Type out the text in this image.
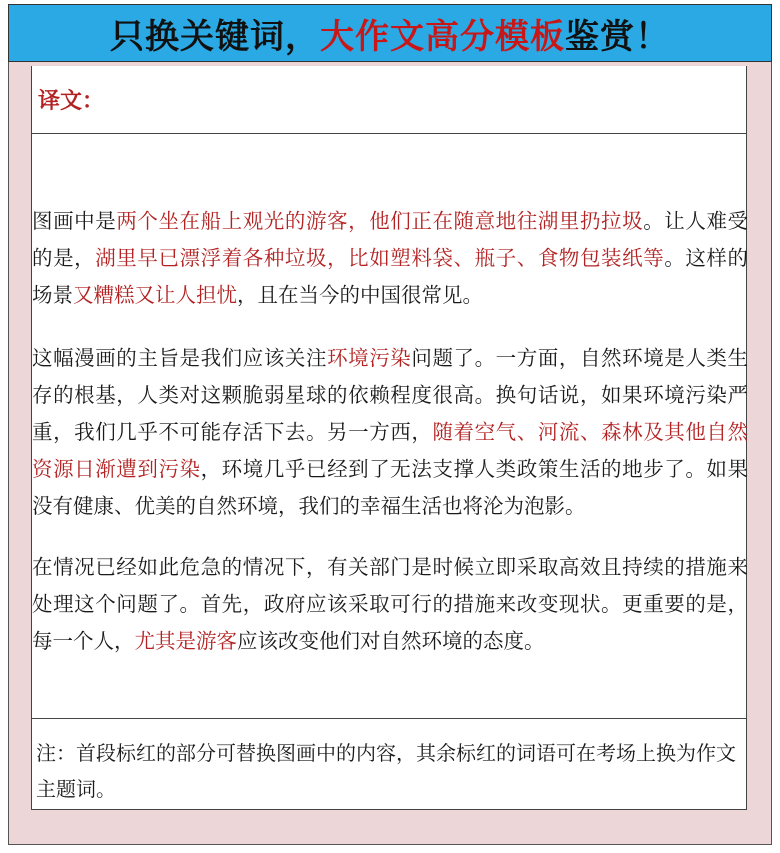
只换关键词， 大作文高分模板 鉴赏！
译文：

图画中是两个坐在船上观光的游客，他们正在随意地往湖里扔拉圾。让人难受的是，湖里早已漂浮着各种垃圾，比如塑料袋、瓶子、食物包装纸等。这样的场景又糟糕又让人担忧，且在当今的中国很常见。

这幅漫画的主旨是我们应该关注环境污染问题了。一方面，自然环境是人类生存的根基，人类对这颗脆弱星球的依赖程度很高。换句话说，如果环境污染严重，我们几乎不可能存活下去。另一方西，随着空气、河流、森林及其他自然资源日渐遭到污染，环境几乎已经到了无法支撑人类政策生活的地步了。如果没有健康、优美的自然环境，我们的幸福生活也将沦为泡影。

在情况已经如此危急的情况下，有关部门是时候立即采取高效且持续的措施来处理这个问题了。首先，政府应该采取可行的措施来改变现状。更重要的是，每一个人，尤其是游客应该改变他们对自然环境的态度。

注：首段标红的部分可替换图画中的内容，其余标红的词语可在考场上换为作文主题词。
